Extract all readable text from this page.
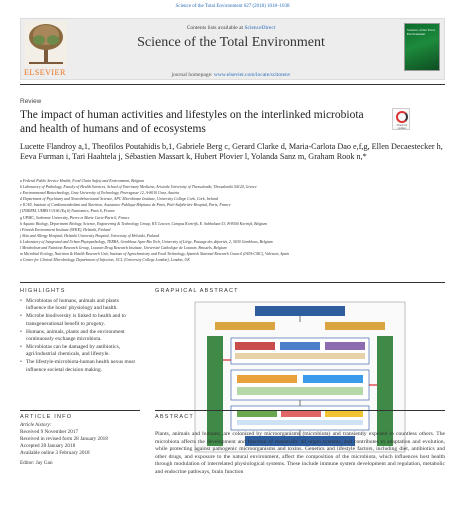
Science of the Total Environment 627 (2018) 1018–1038
ELSEVIER
Contents lists available at ScienceDirect
Science of the Total Environment
journal homepage: www.elsevier.com/locate/scitotenv
Science of the Total Environment
Review
The impact of human activities and lifestyles on the interlinked microbiota and health of humans and of ecosystems	Check for updates
Lucette Flandroy a,1, Theofilos Poutahidis b,1, Gabriele Berg c, Gerard Clarke d, Maria-Carlota Dao e,f,g, Ellen Decaestecker h, Eeva Furman i, Tari Haahtela j, Sébastien Massart k, Hubert Plovier l, Yolanda Sanz m, Graham Rook n,*
a Federal Public Service Health, Food Chain Safety and Environment, Belgium
b Laboratory of Pathology, Faculty of Health Sciences, School of Veterinary Medicine, Aristotle University of Thessaloniki, Thessaloniki 54124, Greece
c Environmental Biotechnology, Graz University of Technology, Petersgasse 12, A-8010 Graz, Austria
d Department of Psychiatry and Neurobehavioural Science, APC Microbiome Institute, University College Cork, Cork, Ireland
e ICAN, Institute of Cardiometabolism and Nutrition, Assistance Publique Hôpitaux de Paris, Pitié-Salpêtrière Hospital, Paris, France
f INSERM, UMRS U1166 (Eq 6) Nutriomics, Paris 6, France
g UPMC, Sorbonne University, Pierre et Marie Curie-Paris 6, France
h Aquatic Biology, Department Biology, Science, Engineering & Technology Group, KU Leuven, Campus Kortrijk, E. Sabbelaan 53, B-8500 Kortrijk, Belgium
i Finnish Environment Institute (SYKE), Helsinki, Finland
j Skin and Allergy Hospital, Helsinki University Hospital, University of Helsinki, Finland
k Laboratory of Integrated and Urban Phytopathology, TERRA, Gembloux Agro-Bio Tech, University of Liège, Passage des déportés, 2, 5030 Gembloux, Belgium
l Metabolism and Nutrition Research Group, Louvain Drug Research Institute, Université Catholique de Louvain, Brussels, Belgium
m Microbial Ecology, Nutrition & Health Research Unit, Institute of Agrochemistry and Food Technology, Spanish National Research Council (IATA-CSIC), Valencia, Spain
n Centre for Clinical Microbiology, Department of Infection, UCL (University College London), London, UK
HIGHLIGHTS
• Microbiotas of humans, animals and plants influence the hosts' physiology and health.
• Microbe biodiversity is linked to health and to transgenerational benefit to progeny.
• Humans, animals, plants and the environment continuously exchange microbiota.
• Microbiotas can be damaged by antibiotics, agri/industrial chemicals, and lifestyle.
• The lifestyle-microbiota-human health nexus must influence societal decision making.
GRAPHICAL ABSTRACT
ARTICLE INFO
Article history:
Received 9 November 2017
Received in revised form 28 January 2018
Accepted 28 January 2018
Available online 3 February 2018
Editor: Jay Gan
ABSTRACT
Plants, animals and humans, are colonized by microorganisms (microbiota) and transiently exposed to countless others. The microbiota affects the development and function of essentially all organ systems, and contributes to adaptation and evolution, while protecting against pathogenic microorganisms and toxins. Genetics and lifestyle factors, including diet, antibiotics and other drugs, and exposure to the natural environment, affect the composition of the microbiota, which influences host health through modulation of interrelated physiological systems. These include immune system development and regulation, metabolic and endocrine pathways, brain function
